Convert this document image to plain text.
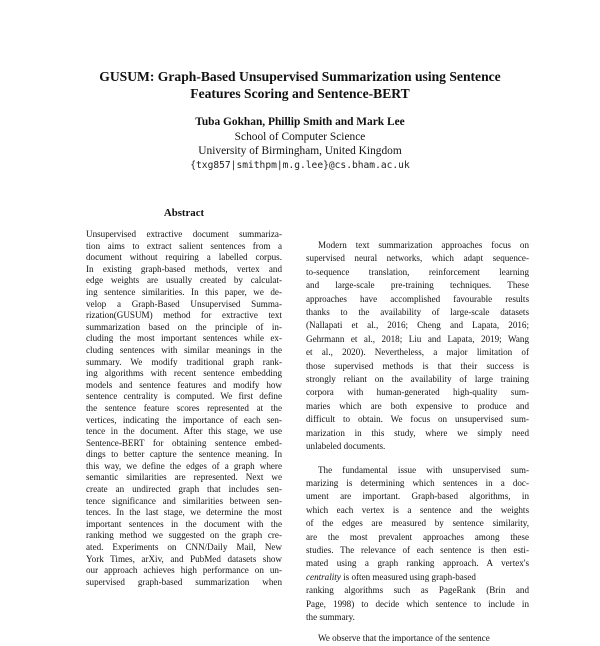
GUSUM: Graph-Based Unsupervised Summarization using Sentence
Features Scoring and Sentence-BERT
Tuba Gokhan, Phillip Smith and Mark Lee
School of Computer Science
University of Birmingham, United Kingdom
{txg857|smithpm|m.g.lee}@cs.bham.ac.uk
Abstract
Unsupervised extractive document summariza-
tion aims to extract salient sentences from a
document without requiring a labelled corpus.
In existing graph-based methods, vertex and
edge weights are usually created by calculat-
ing sentence similarities. In this paper, we de-
velop a Graph-Based Unsupervised Summa-
rization(GUSUM) method for extractive text
summarization based on the principle of in-
cluding the most important sentences while ex-
cluding sentences with similar meanings in the
summary. We modify traditional graph rank-
ing algorithms with recent sentence embedding
models and sentence features and modify how
sentence centrality is computed. We first define
the sentence feature scores represented at the
vertices, indicating the importance of each sen-
tence in the document. After this stage, we use
Sentence-BERT for obtaining sentence embed-
dings to better capture the sentence meaning. In
this way, we define the edges of a graph where
semantic similarities are represented. Next we
create an undirected graph that includes sen-
tence significance and similarities between sen-
tences. In the last stage, we determine the most
important sentences in the document with the
ranking method we suggested on the graph cre-
ated. Experiments on CNN/Daily Mail, New
York Times, arXiv, and PubMed datasets show
our approach achieves high performance on un-
supervised graph-based summarization when
Modern text summarization approaches focus on
supervised neural networks, which adapt sequence-
to-sequence translation, reinforcement learning
and large-scale pre-training techniques. These
approaches have accomplished favourable results
thanks to the availability of large-scale datasets
(Nallapati et al., 2016; Cheng and Lapata, 2016;
Gehrmann et al., 2018; Liu and Lapata, 2019; Wang
et al., 2020). Nevertheless, a major limitation of
those supervised methods is that their success is
strongly reliant on the availability of large training
corpora with human-generated high-quality sum-
maries which are both expensive to produce and
difficult to obtain. We focus on unsupervised sum-
marization in this study, where we simply need
unlabeled documents.
The fundamental issue with unsupervised sum-
marizing is determining which sentences in a doc-
ument are important. Graph-based algorithms, in
which each vertex is a sentence and the weights
of the edges are measured by sentence similarity,
are the most prevalent approaches among these
studies. The relevance of each sentence is then esti-
mated using a graph ranking approach. A vertex's
centrality is often measured using graph-based
ranking algorithms such as PageRank (Brin and
Page, 1998) to decide which sentence to include in
the summary.
We observe that the importance of the sentence
